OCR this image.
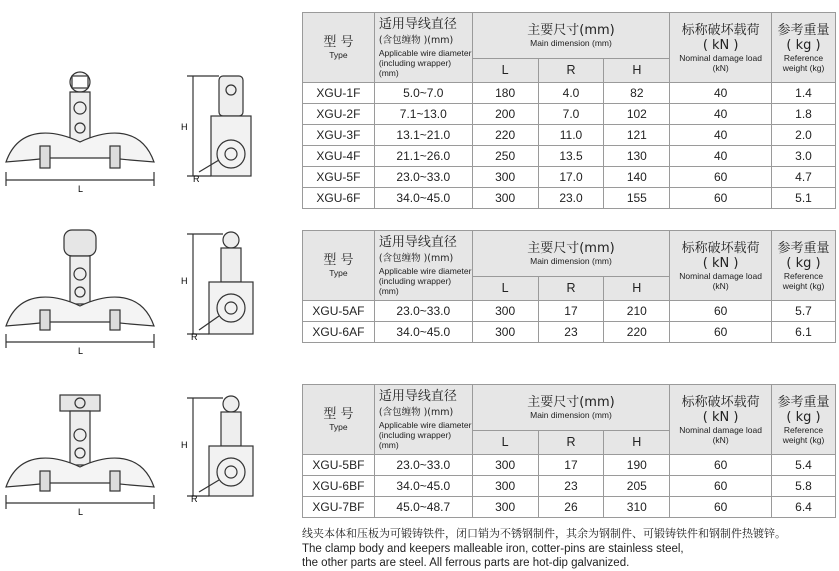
L
H
R
L
H
R
L
H
R
型 号
Type	适用导线直径
(含包缠物 )(mm)
Applicable wire diameter (including wrapper) (mm)	主要尺寸(mm)
Main dimension (mm)			标称破坏载荷
( kN )
Nominal damage load (kN)	参考重量
( kg )
Reference weight (kg)

		L	R	H		
XGU-1F	5.0~7.0	180	4.0	82	40	1.4
XGU-2F	7.1~13.0	200	7.0	102	40	1.8
XGU-3F	13.1~21.0	220	11.0	121	40	2.0
XGU-4F	21.1~26.0	250	13.5	130	40	3.0
XGU-5F	23.0~33.0	300	17.0	140	60	4.7
XGU-6F	34.0~45.0	300	23.0	155	60	5.1
型 号
Type	适用导线直径
(含包缠物 )(mm)
Applicable wire diameter (including wrapper) (mm)	主要尺寸(mm)
Main dimension (mm)			标称破坏载荷
( kN )
Nominal damage load (kN)	参考重量
( kg )
Reference weight (kg)

		L	R	H		
XGU-5AF	23.0~33.0	300	17	210	60	5.7
XGU-6AF	34.0~45.0	300	23	220	60	6.1
型 号
Type	适用导线直径
(含包缠物 )(mm)
Applicable wire diameter (including wrapper) (mm)	主要尺寸(mm)
Main dimension (mm)			标称破坏载荷
( kN )
Nominal damage load (kN)	参考重量
( kg )
Reference weight (kg)

		L	R	H		
XGU-5BF	23.0~33.0	300	17	190	60	5.4
XGU-6BF	34.0~45.0	300	23	205	60	5.8
XGU-7BF	45.0~48.7	300	26	310	60	6.4
线夹本体和压板为可锻铸铁件，闭口销为不锈钢制件，其余为钢制件、可锻铸铁件和钢制件热镀锌。
The clamp body and keepers malleable iron, cotter-pins are stainless steel,
the other parts are steel. All ferrous parts are hot-dip galvanized.
